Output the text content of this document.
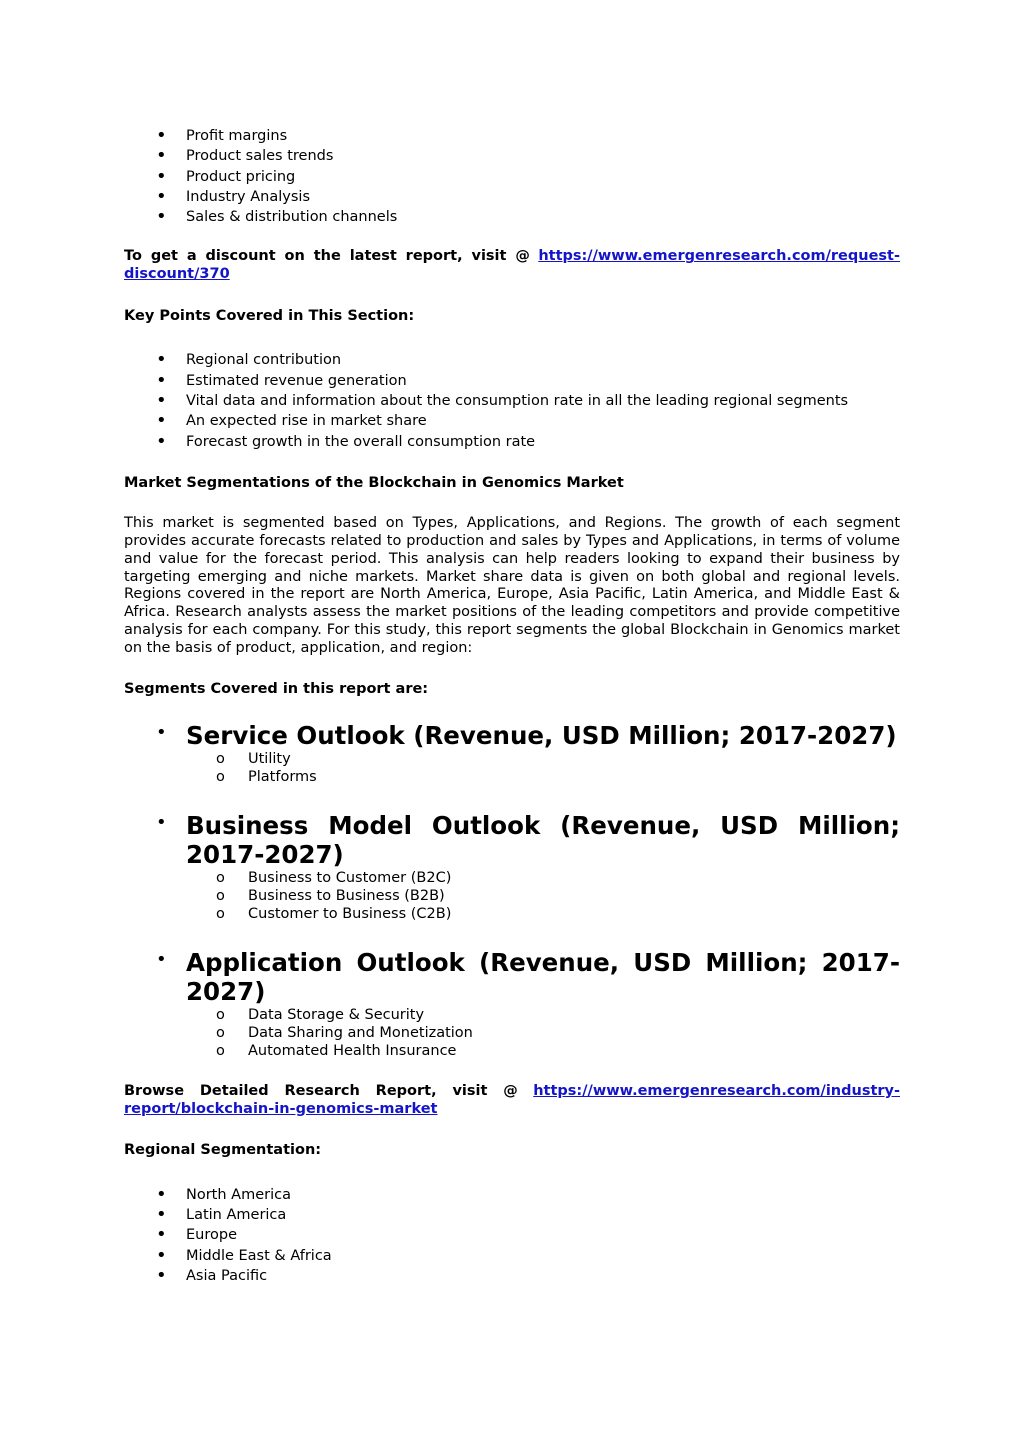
• Profit margins
• Product sales trends
• Product pricing
• Industry Analysis
• Sales & distribution channels

To get a discount on the latest report, visit @ https://www.emergenresearch.com/request-discount/370

Key Points Covered in This Section:

• Regional contribution
• Estimated revenue generation
• Vital data and information about the consumption rate in all the leading regional segments
• An expected rise in market share
• Forecast growth in the overall consumption rate

Market Segmentations of the Blockchain in Genomics Market

This market is segmented based on Types, Applications, and Regions. The growth of each segment provides accurate forecasts related to production and sales by Types and Applications, in terms of volume and value for the forecast period. This analysis can help readers looking to expand their business by targeting emerging and niche markets. Market share data is given on both global and regional levels. Regions covered in the report are North America, Europe, Asia Pacific, Latin America, and Middle East & Africa. Research analysts assess the market positions of the leading competitors and provide competitive analysis for each company. For this study, this report segments the global Blockchain in Genomics market on the basis of product, application, and region:

Segments Covered in this report are:

• Service Outlook (Revenue, USD Million; 2017-2027)
o Utility
o Platforms
• Business Model Outlook (Revenue, USD Million; 2017-2027)
o Business to Customer (B2C)
o Business to Business (B2B)
o Customer to Business (C2B)
• Application Outlook (Revenue, USD Million; 2017-2027)
o Data Storage & Security
o Data Sharing and Monetization
o Automated Health Insurance

Browse Detailed Research Report, visit @ https://www.emergenresearch.com/industry-report/blockchain-in-genomics-market

Regional Segmentation:

• North America
• Latin America
• Europe
• Middle East & Africa
• Asia Pacific
